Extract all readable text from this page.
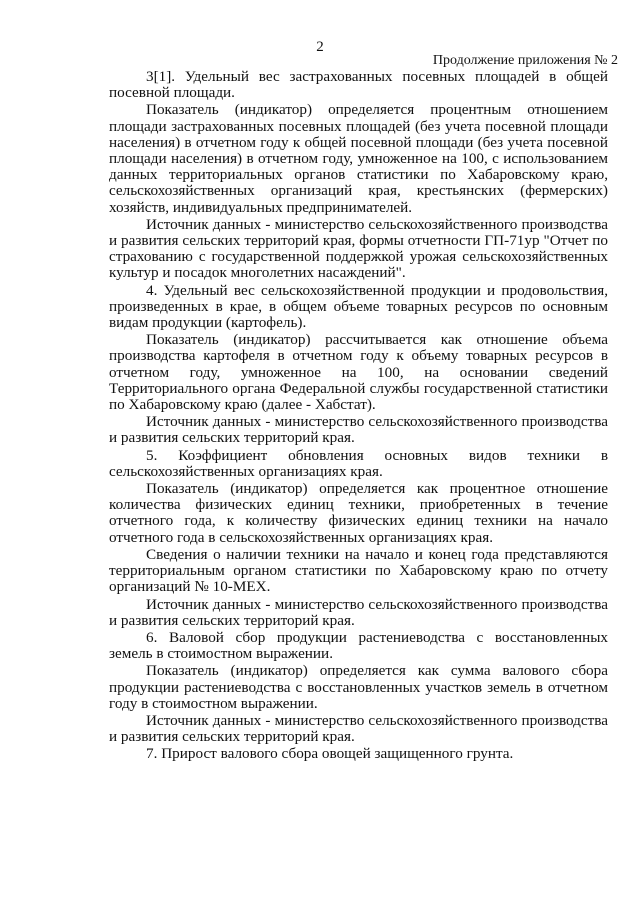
2
Продолжение приложения № 2

3[1]. Удельный вес застрахованных посевных площадей в общей посевной площади.

Показатель (индикатор) определяется процентным отношением площади застрахованных посевных площадей (без учета посевной площади населения) в отчетном году к общей посевной площади (без учета посевной площади населения) в отчетном году, умноженное на 100, с использованием данных территориальных органов статистики по Хабаровскому краю, сельскохозяйственных организаций края, крестьянских (фермерских) хозяйств, индивидуальных предпринимателей.

Источник данных - министерство сельскохозяйственного производства и развития сельских территорий края, формы отчетности ГП-71ур "Отчет по страхованию с государственной поддержкой урожая сельскохозяйственных культур и посадок многолетних насаждений".

4. Удельный вес сельскохозяйственной продукции и продовольствия, произведенных в крае, в общем объеме товарных ресурсов по основным видам продукции (картофель).

Показатель (индикатор) рассчитывается как отношение объема производства картофеля в отчетном году к объему товарных ресурсов в отчетном году, умноженное на 100, на основании сведений Территориального органа Федеральной службы государственной статистики по Хабаровскому краю (далее - Хабстат).

Источник данных - министерство сельскохозяйственного производства и развития сельских территорий края.

5. Коэффициент обновления основных видов техники в сельскохозяйственных организациях края.

Показатель (индикатор) определяется как процентное отношение количества физических единиц техники, приобретенных в течение отчетного года, к количеству физических единиц техники на начало отчетного года в сельскохозяйственных организациях края.

Сведения о наличии техники на начало и конец года представляются территориальным органом статистики по Хабаровскому краю по отчету организаций № 10-МЕХ.

Источник данных - министерство сельскохозяйственного производства и развития сельских территорий края.

6. Валовой сбор продукции растениеводства с восстановленных земель в стоимостном выражении.

Показатель (индикатор) определяется как сумма валового сбора продукции растениеводства с восстановленных участков земель в отчетном году в стоимостном выражении.

Источник данных - министерство сельскохозяйственного производства и развития сельских территорий края.

7. Прирост валового сбора овощей защищенного грунта.
